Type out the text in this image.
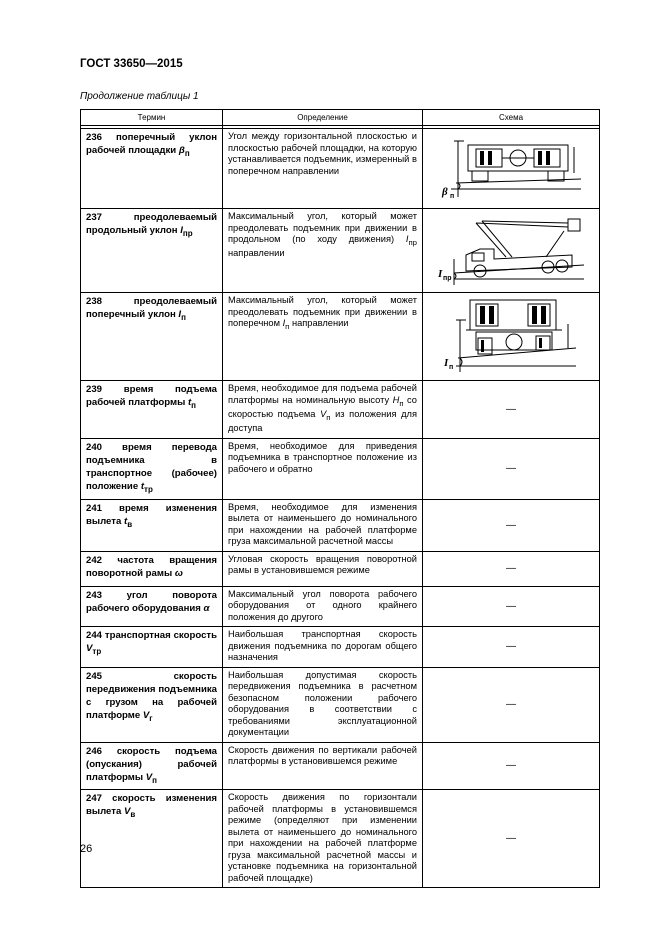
ГОСТ 33650—2015
Продолжение таблицы 1
Термин	Определение	Схема

236 поперечный уклон рабочей площадки $\beta_п$	Угол между горизонтальной плоскостью и плоскостью рабочей площадки, на которую устанавливается подъемник, измеренный в поперечном направлении	β п

237 преодолеваемый продольный уклон $I_{пр}$	Максимальный угол, который может преодолевать подъемник при движении в продольном (по ходу движения) $I_{пр}$ направлении	I пр

238 преодолеваемый поперечный уклон $I_п$	Максимальный угол, который может преодолевать подъемник при движении в поперечном $I_п$ направлении	I п

239 время подъема рабочей платформы $t_п$	Время, необходимое для подъема рабочей платформы на номинальную высоту $H_п$ со скоростью подъема $V_п$ из положения для доступа	—
240 время перевода подъемника в транспортное (рабочее) положение $t_{тр}$	Время, необходимое для приведения подъемника в транспортное положение из рабочего и обратно	—
241 время изменения вылета $t_в$	Время, необходимое для изменения вылета от наименьшего до номинального при нахождении на рабочей платформе груза максимальной расчетной массы	—
242 частота вращения поворотной рамы ω	Угловая скорость вращения поворотной рамы в установившемся режиме	—
243 угол поворота рабочего оборудования α	Максимальный угол поворота рабочего оборудования от одного крайнего положения до другого	—
244 транспортная скорость $V_{тр}$	Наибольшая транспортная скорость движения подъемника по дорогам общего назначения	—
245 скорость передвижения подъемника с грузом на рабочей платформе $V_г$	Наибольшая допустимая скорость передвижения подъемника в расчетном безопасном положении рабочего оборудования в соответствии с требованиями эксплуатационной документации	—
246 скорость подъема (опускания) рабочей платформы $V_п$	Скорость движения по вертикали рабочей платформы в установившемся режиме	—
247 скорость изменения вылета $V_в$	Скорость движения по горизонтали рабочей платформы в установившемся режиме (определяют при изменении вылета от наименьшего до номинального при нахождении на рабочей платформе груза максимальной расчетной массы и установке подъемника на горизонтальной рабочей площадке)	—
26
